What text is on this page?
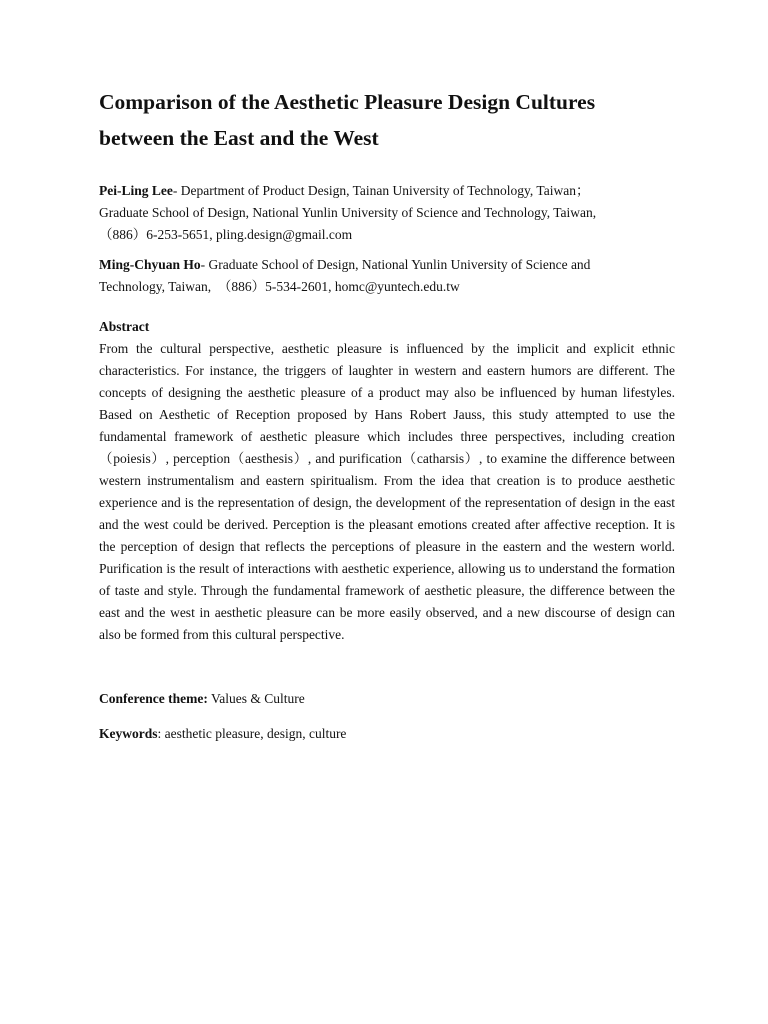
Comparison of the Aesthetic Pleasure Design Cultures
between the East and the West

Pei-Ling Lee- Department of Product Design, Tainan University of Technology, Taiwan；
Graduate School of Design, National Yunlin University of Science and Technology, Taiwan,
（886）6-253-5651, pling.design@gmail.com

Ming-Chyuan Ho- Graduate School of Design, National Yunlin University of Science and
Technology, Taiwan,　（886）5-534-2601, homc@yuntech.edu.tw

Abstract

From the cultural perspective, aesthetic pleasure is influenced by the implicit and explicit ethnic characteristics. For instance, the triggers of laughter in western and eastern humors are different. The concepts of designing the aesthetic pleasure of a product may also be influenced by human lifestyles. Based on Aesthetic of Reception proposed by Hans Robert Jauss, this study attempted to use the fundamental framework of aesthetic pleasure which includes three perspectives, including creation（poiesis）, perception（aesthesis）, and purification（catharsis）, to examine the difference between western instrumentalism and eastern spiritualism. From the idea that creation is to produce aesthetic experience and is the representation of design, the development of the representation of design in the east and the west could be derived. Perception is the pleasant emotions created after affective reception. It is the perception of design that reflects the perceptions of pleasure in the eastern and the western world. Purification is the result of interactions with aesthetic experience, allowing us to understand the formation of taste and style. Through the fundamental framework of aesthetic pleasure, the difference between the east and the west in aesthetic pleasure can be more easily observed, and a new discourse of design can also be formed from this cultural perspective.

Conference theme: Values & Culture
Keywords: aesthetic pleasure, design, culture
